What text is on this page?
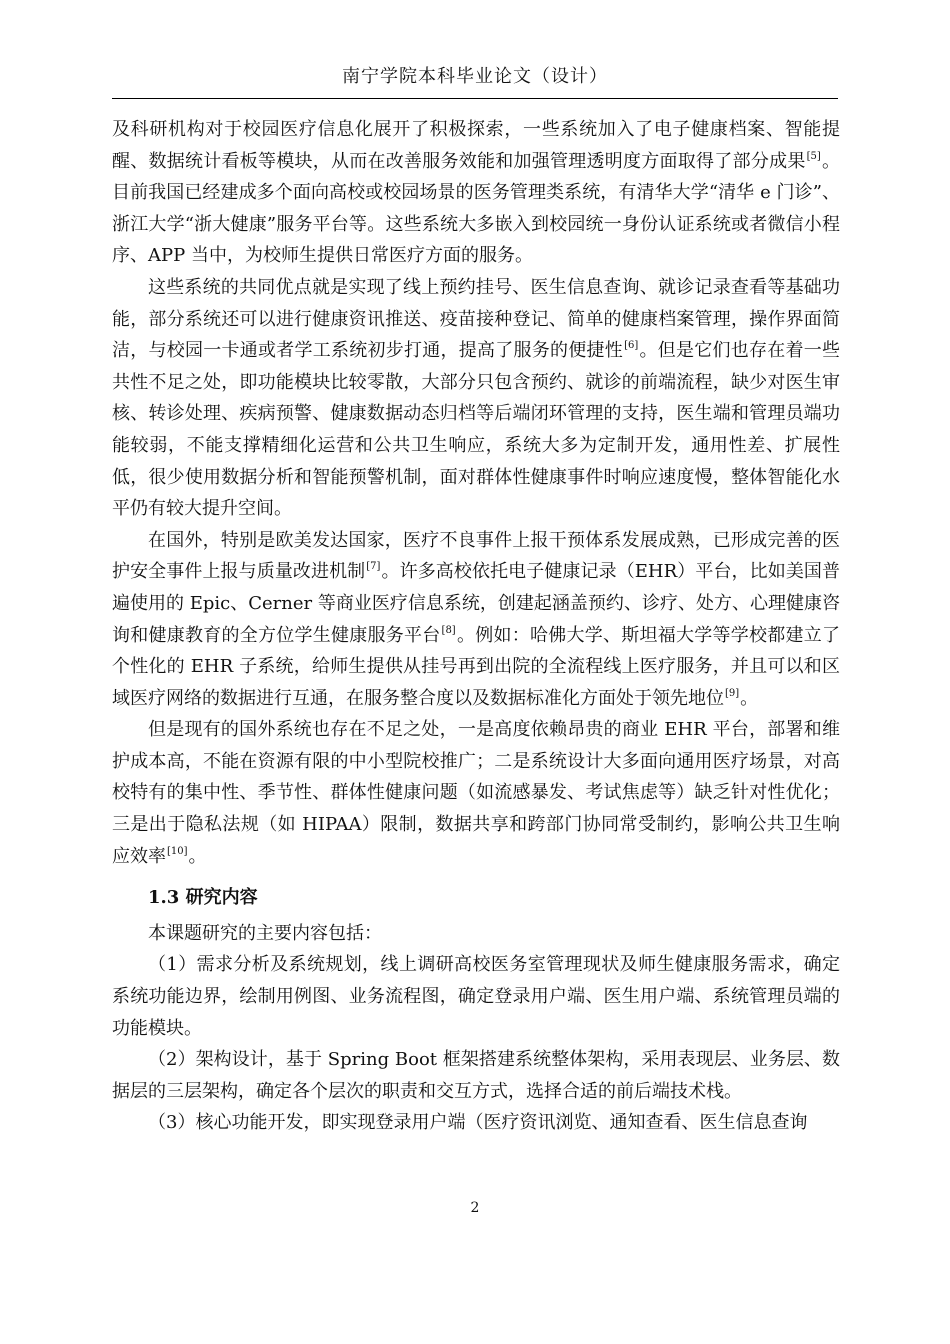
南宁学院本科毕业论文（设计）

及科研机构对于校园医疗信息化展开了积极探索，一些系统加入了电子健康档案、智能提醒、数据统计看板等模块，从而在改善服务效能和加强管理透明度方面取得了部分成果[5]。目前我国已经建成多个面向高校或校园场景的医务管理类系统，有清华大学“清华 e 门诊”、浙江大学“浙大健康”服务平台等。这些系统大多嵌入到校园统一身份认证系统或者微信小程序、APP 当中，为校师生提供日常医疗方面的服务。

这些系统的共同优点就是实现了线上预约挂号、医生信息查询、就诊记录查看等基础功能，部分系统还可以进行健康资讯推送、疫苗接种登记、简单的健康档案管理，操作界面简洁，与校园一卡通或者学工系统初步打通，提高了服务的便捷性[6]。但是它们也存在着一些共性不足之处，即功能模块比较零散，大部分只包含预约、就诊的前端流程，缺少对医生审核、转诊处理、疾病预警、健康数据动态归档等后端闭环管理的支持，医生端和管理员端功能较弱，不能支撑精细化运营和公共卫生响应，系统大多为定制开发，通用性差、扩展性低，很少使用数据分析和智能预警机制，面对群体性健康事件时响应速度慢，整体智能化水平仍有较大提升空间。

在国外，特别是欧美发达国家，医疗不良事件上报干预体系发展成熟，已形成完善的医护安全事件上报与质量改进机制[7]。许多高校依托电子健康记录（EHR）平台，比如美国普遍使用的 Epic、Cerner 等商业医疗信息系统，创建起涵盖预约、诊疗、处方、心理健康咨询和健康教育的全方位学生健康服务平台[8]。例如：哈佛大学、斯坦福大学等学校都建立了个性化的 EHR 子系统，给师生提供从挂号再到出院的全流程线上医疗服务，并且可以和区域医疗网络的数据进行互通，在服务整合度以及数据标准化方面处于领先地位[9]。

但是现有的国外系统也存在不足之处，一是高度依赖昂贵的商业 EHR 平台，部署和维护成本高，不能在资源有限的中小型院校推广；二是系统设计大多面向通用医疗场景，对高校特有的集中性、季节性、群体性健康问题（如流感暴发、考试焦虑等）缺乏针对性优化；三是出于隐私法规（如 HIPAA）限制，数据共享和跨部门协同常受制约，影响公共卫生响应效率[10]。

1.3 研究内容

本课题研究的主要内容包括：

（1）需求分析及系统规划，线上调研高校医务室管理现状及师生健康服务需求，确定系统功能边界，绘制用例图、业务流程图，确定登录用户端、医生用户端、系统管理员端的功能模块。

（2）架构设计，基于 Spring Boot 框架搭建系统整体架构，采用表现层、业务层、数据层的三层架构，确定各个层次的职责和交互方式，选择合适的前后端技术栈。

（3）核心功能开发，即实现登录用户端（医疗资讯浏览、通知查看、医生信息查询

2
